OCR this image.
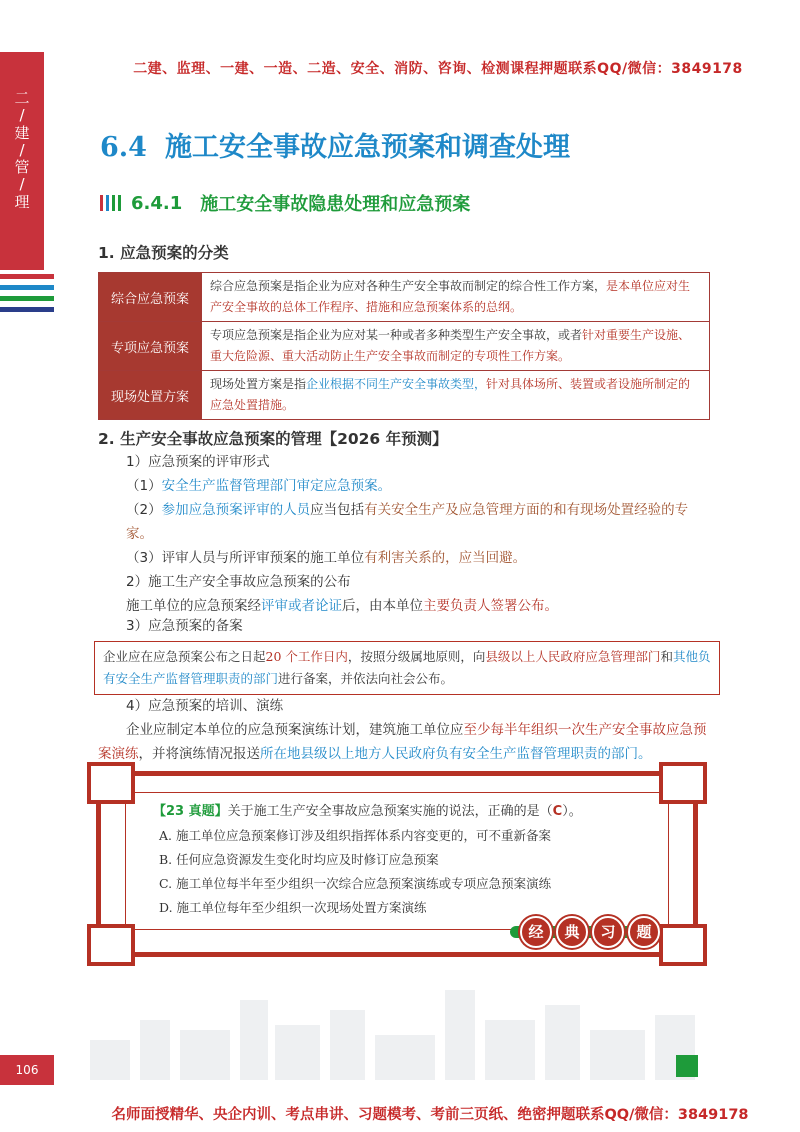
二建、监理、一建、一造、二造、安全、消防、咨询、检测课程押题联系QQ/微信：3849178
二
/
建
/
管
/
理
6.4 施工安全事故应急预案和调查处理
6.4.1 施工安全事故隐患处理和应急预案
1. 应急预案的分类
综合应急预案	综合应急预案是指企业为应对各种生产安全事故而制定的综合性工作方案，是本单位应对生产安全事故的总体工作程序、措施和应急预案体系的总纲。
专项应急预案	专项应急预案是指企业为应对某一种或者多种类型生产安全事故，或者针对重要生产设施、重大危险源、重大活动防止生产安全事故而制定的专项性工作方案。
现场处置方案	现场处置方案是指企业根据不同生产安全事故类型，针对具体场所、装置或者设施所制定的应急处置措施。
2. 生产安全事故应急预案的管理【2026 年预测】
1）应急预案的评审形式
（1）安全生产监督管理部门审定应急预案。
（2）参加应急预案评审的人员应当包括有关安全生产及应急管理方面的和有现场处置经验的专家。
（3）评审人员与所评审预案的施工单位有利害关系的，应当回避。
2）施工生产安全事故应急预案的公布
施工单位的应急预案经评审或者论证后，由本单位主要负责人签署公布。
3）应急预案的备案
企业应在应急预案公布之日起20 个工作日内，按照分级属地原则，向县级以上人民政府应急管理部门和其他负有安全生产监督管理职责的部门进行备案，并依法向社会公布。
4）应急预案的培训、演练
企业应制定本单位的应急预案演练计划，建筑施工单位应至少每半年组织一次生产安全事故应急预案演练，并将演练情况报送所在地县级以上地方人民政府负有安全生产监督管理职责的部门。
【23 真题】关于施工生产安全事故应急预案实施的说法，正确的是（C）。
A. 施工单位应急预案修订涉及组织指挥体系内容变更的，可不重新备案
B. 任何应急资源发生变化时均应及时修订应急预案
C. 施工单位每半年至少组织一次综合应急预案演练或专项应急预案演练
D. 施工单位每年至少组织一次现场处置方案演练
经	典	习	题
106
名师面授精华、央企内训、考点串讲、习题模考、考前三页纸、绝密押题联系QQ/微信：3849178
